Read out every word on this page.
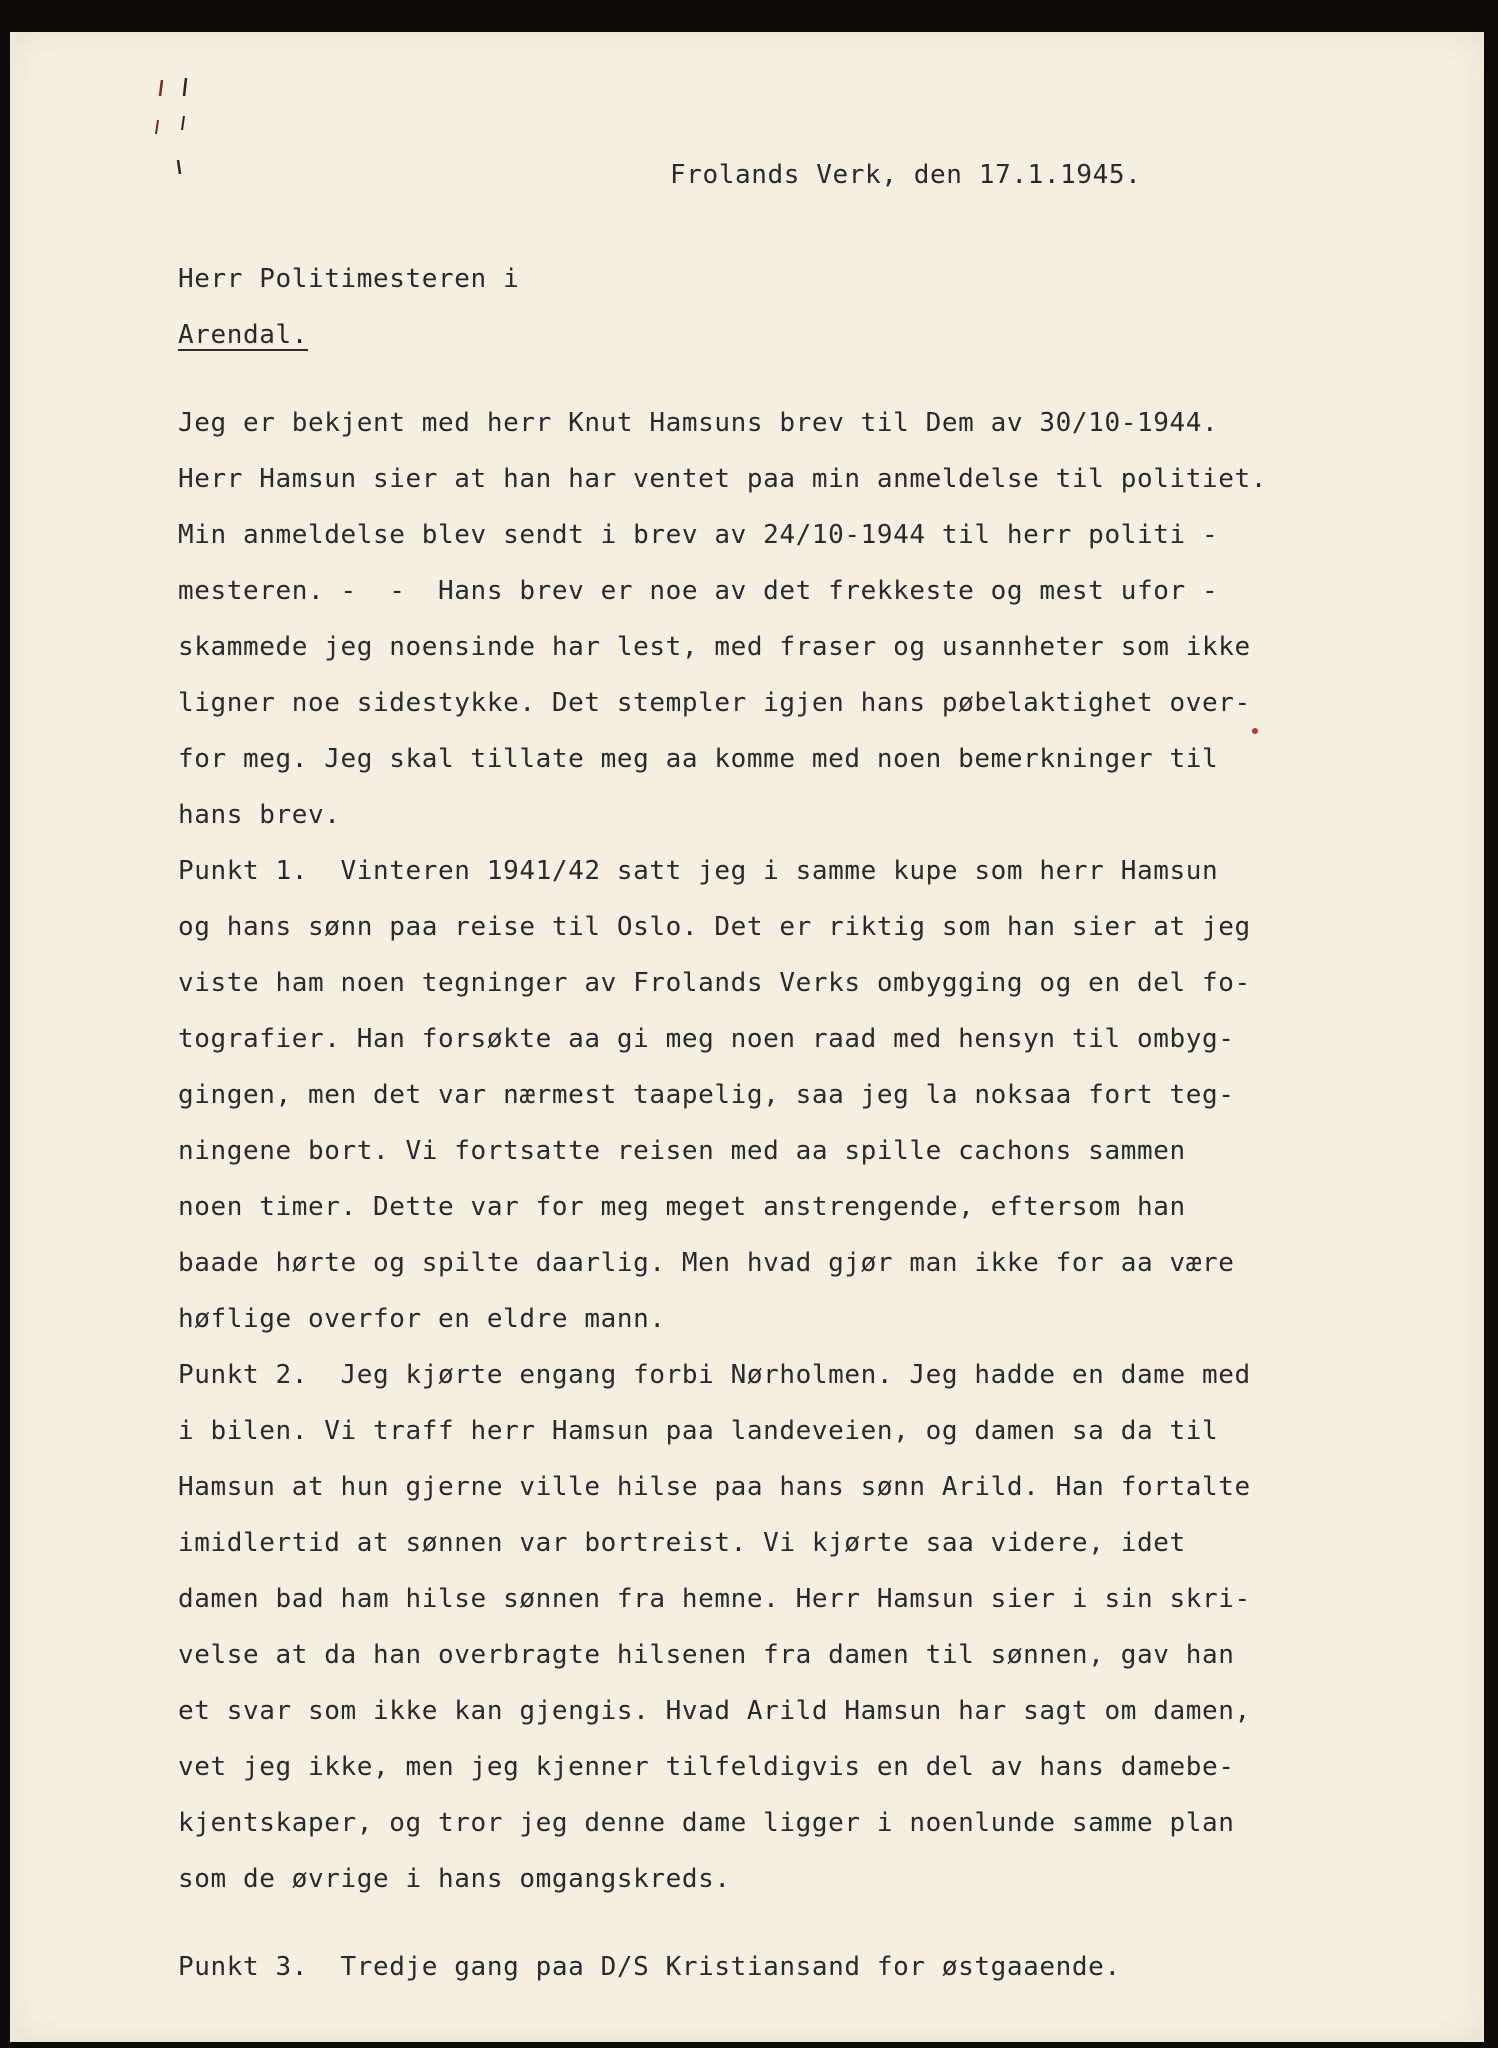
Frolands Verk, den 17.1.1945.
Herr Politimesteren i
Arendal.
Jeg er bekjent med herr Knut Hamsuns brev til Dem av 30/10-1944.
Herr Hamsun sier at han har ventet paa min anmeldelse til politiet.
Min anmeldelse blev sendt i brev av 24/10-1944 til herr politi -
mesteren. -  -  Hans brev er noe av det frekkeste og mest ufor -
skammede jeg noensinde har lest, med fraser og usannheter som ikke
ligner noe sidestykke. Det stempler igjen hans pøbelaktighet over-
for meg. Jeg skal tillate meg aa komme med noen bemerkninger til
hans brev.
Punkt 1.  Vinteren 1941/42 satt jeg i samme kupe som herr Hamsun
og hans sønn paa reise til Oslo. Det er riktig som han sier at jeg
viste ham noen tegninger av Frolands Verks ombygging og en del fo-
tografier. Han forsøkte aa gi meg noen raad med hensyn til ombyg-
gingen, men det var nærmest taapelig, saa jeg la noksaa fort teg-
ningene bort. Vi fortsatte reisen med aa spille cachons sammen
noen timer. Dette var for meg meget anstrengende, eftersom han
baade hørte og spilte daarlig. Men hvad gjør man ikke for aa være
høflige overfor en eldre mann.
Punkt 2.  Jeg kjørte engang forbi Nørholmen. Jeg hadde en dame med
i bilen. Vi traff herr Hamsun paa landeveien, og damen sa da til
Hamsun at hun gjerne ville hilse paa hans sønn Arild. Han fortalte
imidlertid at sønnen var bortreist. Vi kjørte saa videre, idet
damen bad ham hilse sønnen fra hemne. Herr Hamsun sier i sin skri-
velse at da han overbragte hilsenen fra damen til sønnen, gav han
et svar som ikke kan gjengis. Hvad Arild Hamsun har sagt om damen,
vet jeg ikke, men jeg kjenner tilfeldigvis en del av hans damebe-
kjentskaper, og tror jeg denne dame ligger i noenlunde samme plan
som de øvrige i hans omgangskreds.
Punkt 3.  Tredje gang paa D/S Kristiansand for østgaaende.
